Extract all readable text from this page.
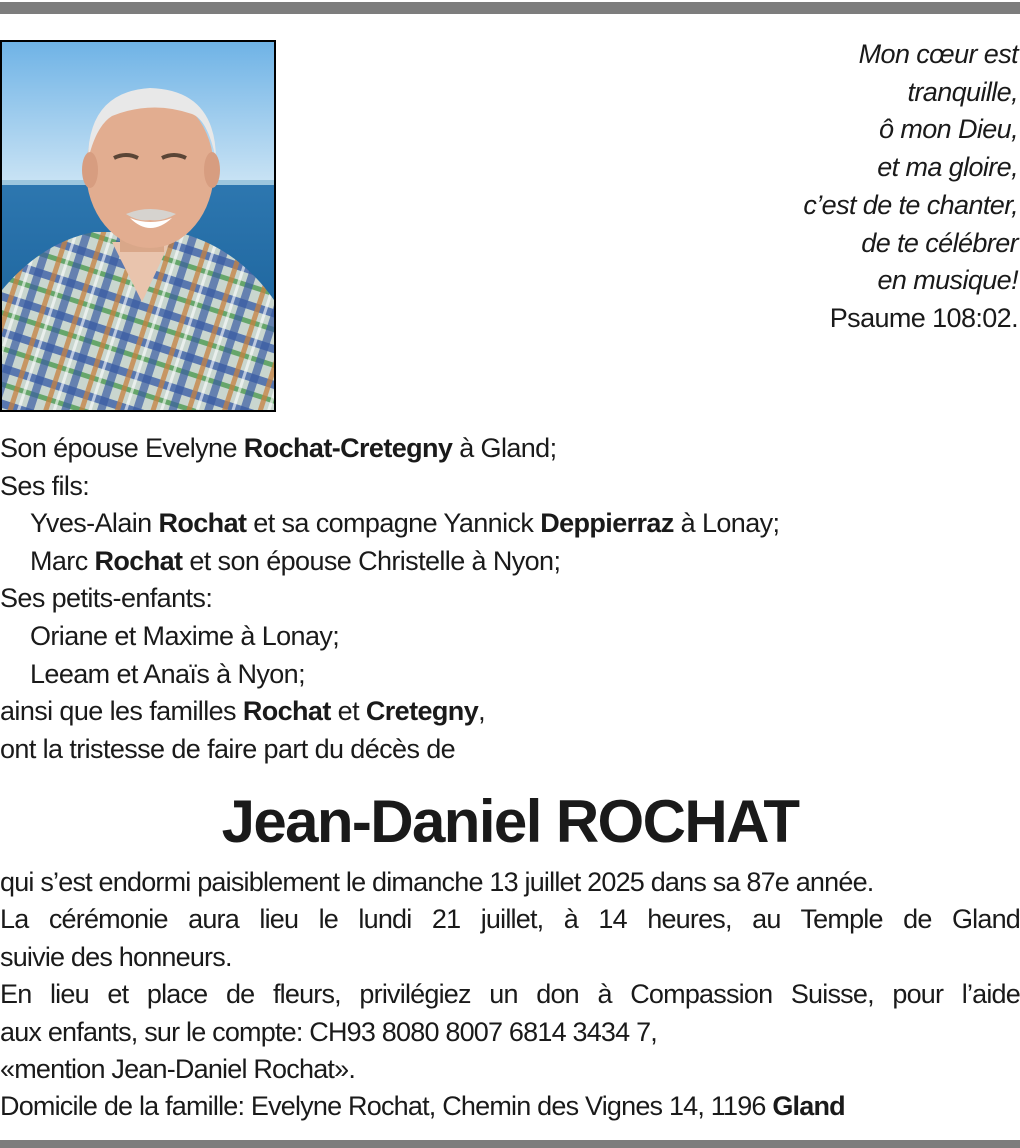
Mon cœur est
tranquille,
ô mon Dieu,
et ma gloire,
c’est de te chanter,
de te célébrer
en musique!
Psaume 108:02.
Son épouse Evelyne Rochat-Cretegny à Gland;
Ses fils:
Yves-Alain Rochat et sa compagne Yannick Deppierraz à Lonay;
Marc Rochat et son épouse Christelle à Nyon;
Ses petits-enfants:
Oriane et Maxime à Lonay;
Leeam et Anaïs à Nyon;
ainsi que les familles Rochat et Cretegny,
ont la tristesse de faire part du décès de
Jean-Daniel ROCHAT
qui s’est endormi paisiblement le dimanche 13 juillet 2025 dans sa 87e année.
La cérémonie aura lieu le lundi 21 juillet, à 14 heures, au Temple de Gland
suivie des honneurs.
En lieu et place de fleurs, privilégiez un don à Compassion Suisse, pour l’aide
aux enfants, sur le compte: CH93 8080 8007 6814 3434 7,
«mention Jean-Daniel Rochat».
Domicile de la famille: Evelyne Rochat, Chemin des Vignes 14, 1196 Gland
